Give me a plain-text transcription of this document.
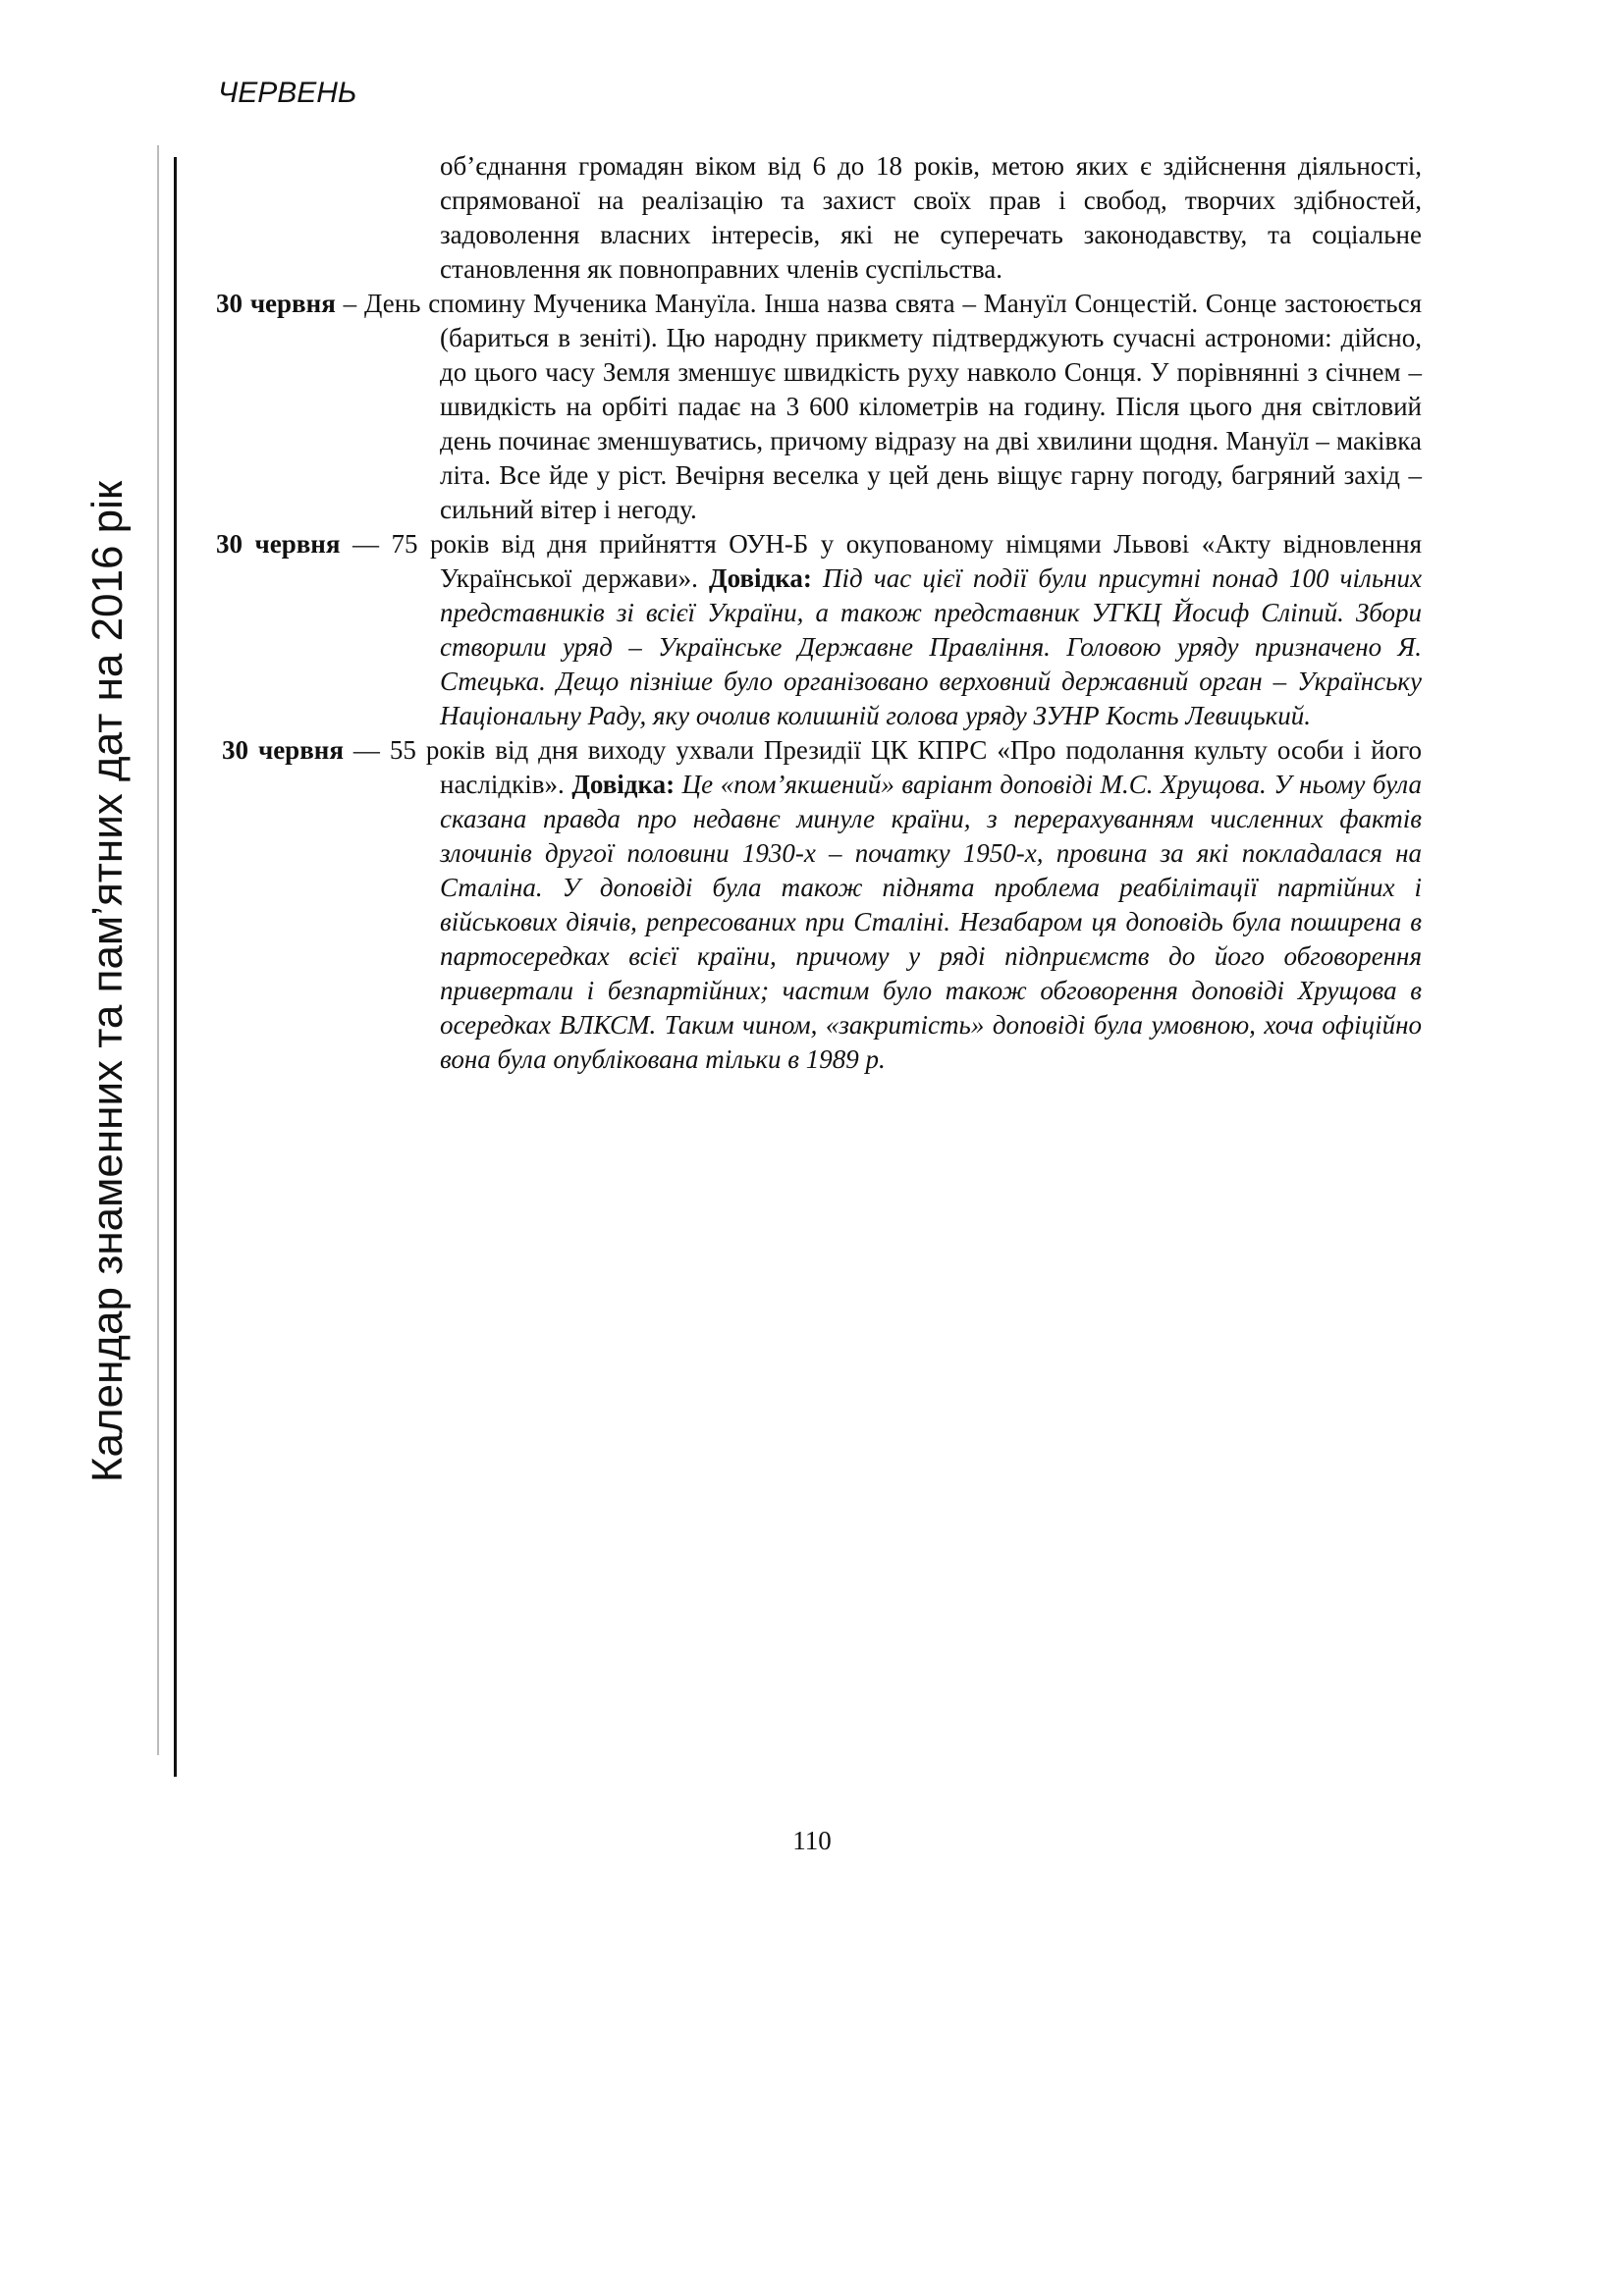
ЧЕРВЕНЬ
Календар знаменних та пам’ятних дат на 2016 рік

об’єднання громадян віком від 6 до 18 років, метою яких є здійснення діяльності, спрямованої на реалізацію та захист своїх прав і свобод, творчих здібностей, задоволення власних інтересів, які не суперечать законодавству, та соціальне становлення як повноправних членів суспільства.

30 червня – День спомину Мученика Мануїла. Інша назва свята – Мануїл Сонцестій. Сонце застоюється (бариться в зеніті). Цю народну прикмету підтверджують сучасні астрономи: дійсно, до цього часу Земля зменшує швидкість руху навколо Сонця. У порівнянні з січнем – швидкість на орбіті падає на 3 600 кілометрів на годину. Після цього дня світловий день починає зменшуватись, причому відразу на дві хвилини щодня. Мануїл – маківка літа. Все йде у ріст. Вечірня веселка у цей день віщує гарну погоду, багряний захід – сильний вітер і негоду.

30 червня — 75 років від дня прийняття ОУН-Б у окупованому німцями Львові «Акту відновлення Української держави». Довідка: Під час цієї події були присутні понад 100 чільних представників зі всієї України, а також представник УГКЦ Йосиф Сліпий. Збори створили уряд – Українське Державне Правління. Головою уряду призначено Я. Стецька. Дещо пізніше було організовано верховний державний орган – Українську Національну Раду, яку очолив колишній голова уряду ЗУНР Кость Левицький.

30 червня — 55 років від дня виходу ухвали Президії ЦК КПРС «Про подолання культу особи і його наслідків». Довідка: Це «пом’якшений» варіант доповіді М.С. Хрущова. У ньому була сказана правда про недавнє минуле країни, з перерахуванням численних фактів злочинів другої половини 1930-х – початку 1950-х, провина за які покладалася на Сталіна. У доповіді була також піднята проблема реабілітації партійних і військових діячів, репресованих при Сталіні. Незабаром ця доповідь була поширена в партосередках всієї країни, причому у ряді підприємств до його обговорення привертали і безпартійних; частим було також обговорення доповіді Хрущова в осередках ВЛКСМ. Таким чином, «закритість» доповіді була умовною, хоча офіційно вона була опублікована тільки в 1989 р.

110
